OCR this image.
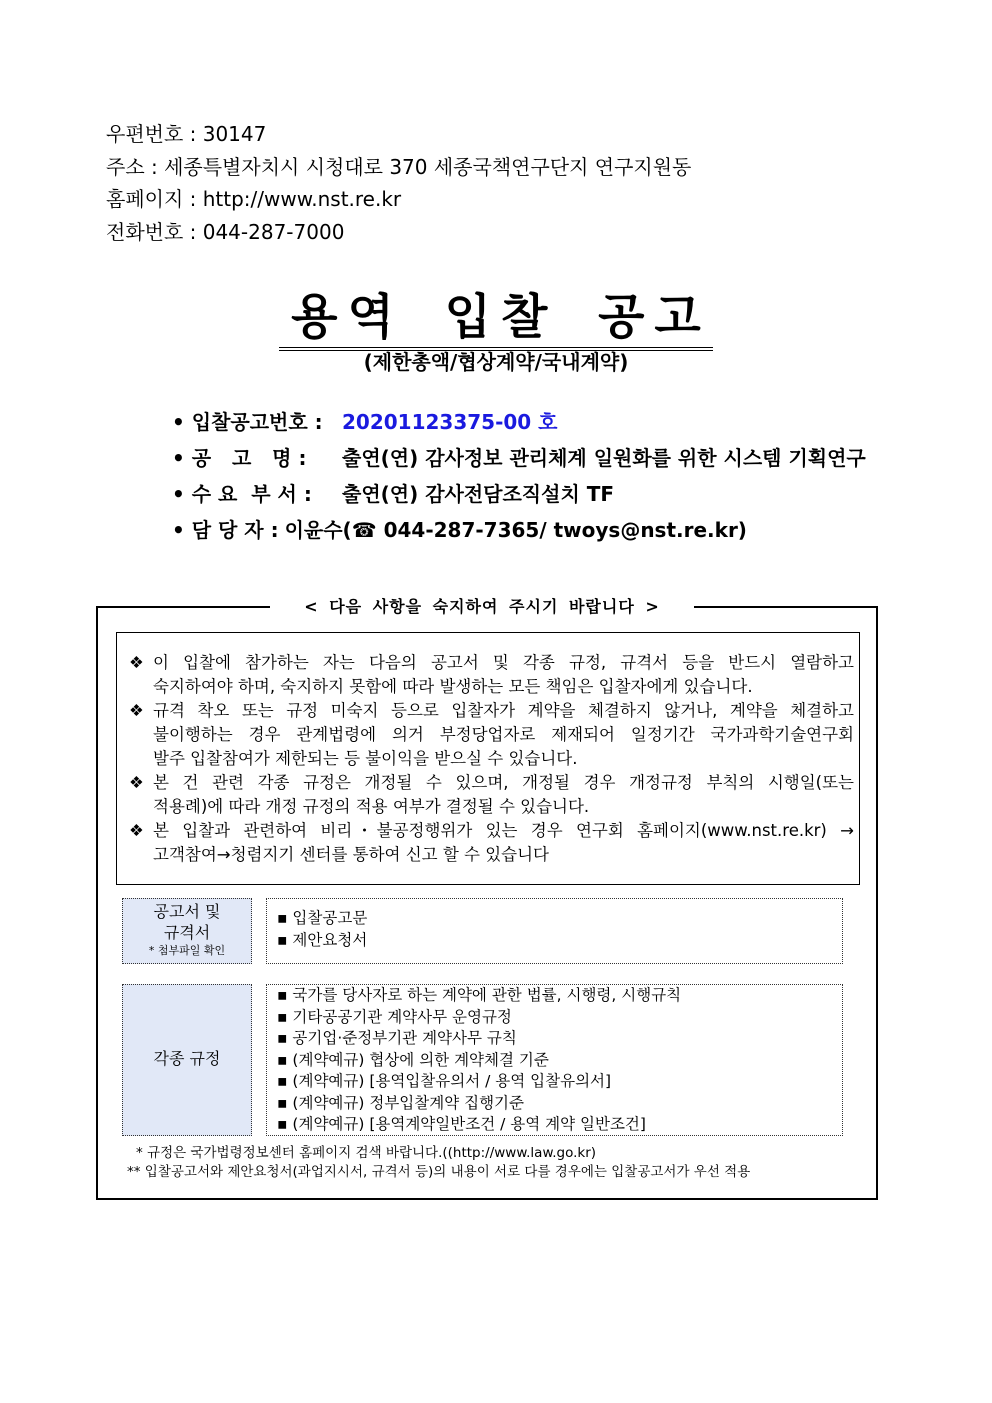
우편번호 : 30147
주소 : 세종특별자치시 시청대로 370 세종국책연구단지 연구지원동
홈페이지 : http://www.nst.re.kr
전화번호 : 044-287-7000
용역 입찰 공고
(제한총액/협상계약/국내계약)
• 입찰공고번호 : 20201123375-00 호
• 공   고   명 :	출연(연) 감사정보 관리체계 일원화를 위한 시스템 기획연구
• 수 요  부 서 :	출연(연) 감사전담조직설치 TF
• 담 당 자 : 이윤수(☎ 044-287-7365/ twoys@nst.re.kr)
< 다음 사항을 숙지하여 주시기 바랍니다 >
❖ 이 입찰에 참가하는 자는 다음의 공고서 및 각종 규정, 규격서 등을 반드시 열람하고
숙지하여야 하며, 숙지하지 못함에 따라 발생하는 모든 책임은 입찰자에게 있습니다.
❖ 규격 착오 또는 규정 미숙지 등으로 입찰자가 계약을 체결하지 않거나, 계약을 체결하고
불이행하는 경우 관계법령에 의거 부정당업자로 제재되어 일정기간 국가과학기술연구회
발주 입찰참여가 제한되는 등 불이익을 받으실 수 있습니다.
❖ 본 건 관련 각종 규정은 개정될 수 있으며, 개정될 경우 개정규정 부칙의 시행일(또는
적용례)에 따라 개정 규정의 적용 여부가 결정될 수 있습니다.
❖ 본 입찰과 관련하여 비리･불공정행위가 있는 경우 연구회 홈페이지(www.nst.re.kr) →
고객참여→청렴지기 센터를 통하여 신고 할 수 있습니다
공고서 및
규격서
* 첨부파일 확인
▪ 입찰공고문
▪ 제안요청서
각종 규정
▪ 국가를 당사자로 하는 계약에 관한 법률, 시행령, 시행규칙
▪ 기타공공기관 계약사무 운영규정
▪ 공기업·준정부기관 계약사무 규칙
▪ (계약예규) 협상에 의한 계약체결 기준
▪ (계약예규) [용역입찰유의서 / 용역 입찰유의서]
▪ (계약예규) 정부입찰계약 집행기준
▪ (계약예규) [용역계약일반조건 / 용역 계약 일반조건]
* 규정은 국가법령정보센터 홈페이지 검색 바랍니다.((http://www.law.go.kr)
** 입찰공고서와 제안요청서(과업지시서, 규격서 등)의 내용이 서로 다를 경우에는 입찰공고서가 우선 적용
